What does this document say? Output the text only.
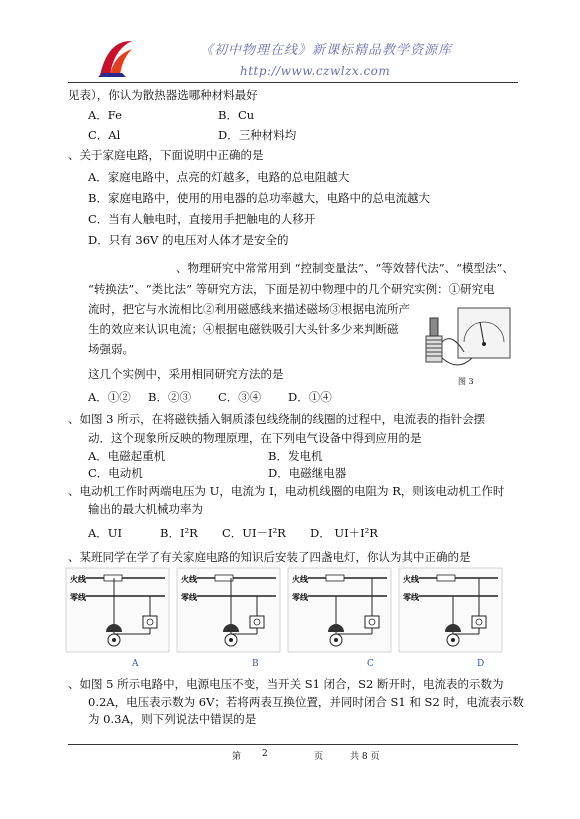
《初中物理在线》新课标精品教学资源库
http://www.czwlzx.com
见表），你认为散热器选哪种材料最好
A．Fe	B．Cu
C．Al	D．三种材料均
、关于家庭电路，下面说明中正确的是
A．家庭电路中，点亮的灯越多，电路的总电阻越大
B．家庭电路中，使用的用电器的总功率越大，电路中的总电流越大
C．当有人触电时，直接用手把触电的人移开
D．只有 36V 的电压对人体才是安全的
、物理研究中常常用到 “控制变量法”、“等效替代法”、“模型法”、
“转换法”、“类比法” 等研究方法，下面是初中物理中的几个研究实例：①研究电
流时，把它与水流相比②利用磁感线来描述磁场③根据电流所产
生的效应来认识电流；④根据电磁铁吸引大头针多少来判断磁
场强弱。
这几个实例中，采用相同研究方法的是
A．①② B．②③ C．③④ D．①④
图 3
、如图 3 所示，在将磁铁插入铜质漆包线绕制的线圈的过程中，电流表的指针会摆
动．这个现象所反映的物理原理，在下列电气设备中得到应用的是
A．电磁起重机	B．发电机
C．电动机	D．电磁继电器
、电动机工作时两端电压为 U，电流为 I，电动机线圈的电阻为 R，则该电动机工作时
输出的最大机械功率为
A．UI	B．I²R C．UI－I²R D． UI＋I²R
、某班同学在学了有关家庭电路的知识后安装了四盏电灯，你认为其中正确的是
火线
零线
火线
零线
火线
零线
火线
零线
A	B	C	D
、如图 5 所示电路中，电源电压不变，当开关 S1 闭合，S2 断开时，电流表的示数为
0.2A，电压表示数为 6V；若将两表互换位置，并同时闭合 S1 和 S2 时，电流表示数
为 0.3A，则下列说法中错误的是
第 2	页	共 8 页
